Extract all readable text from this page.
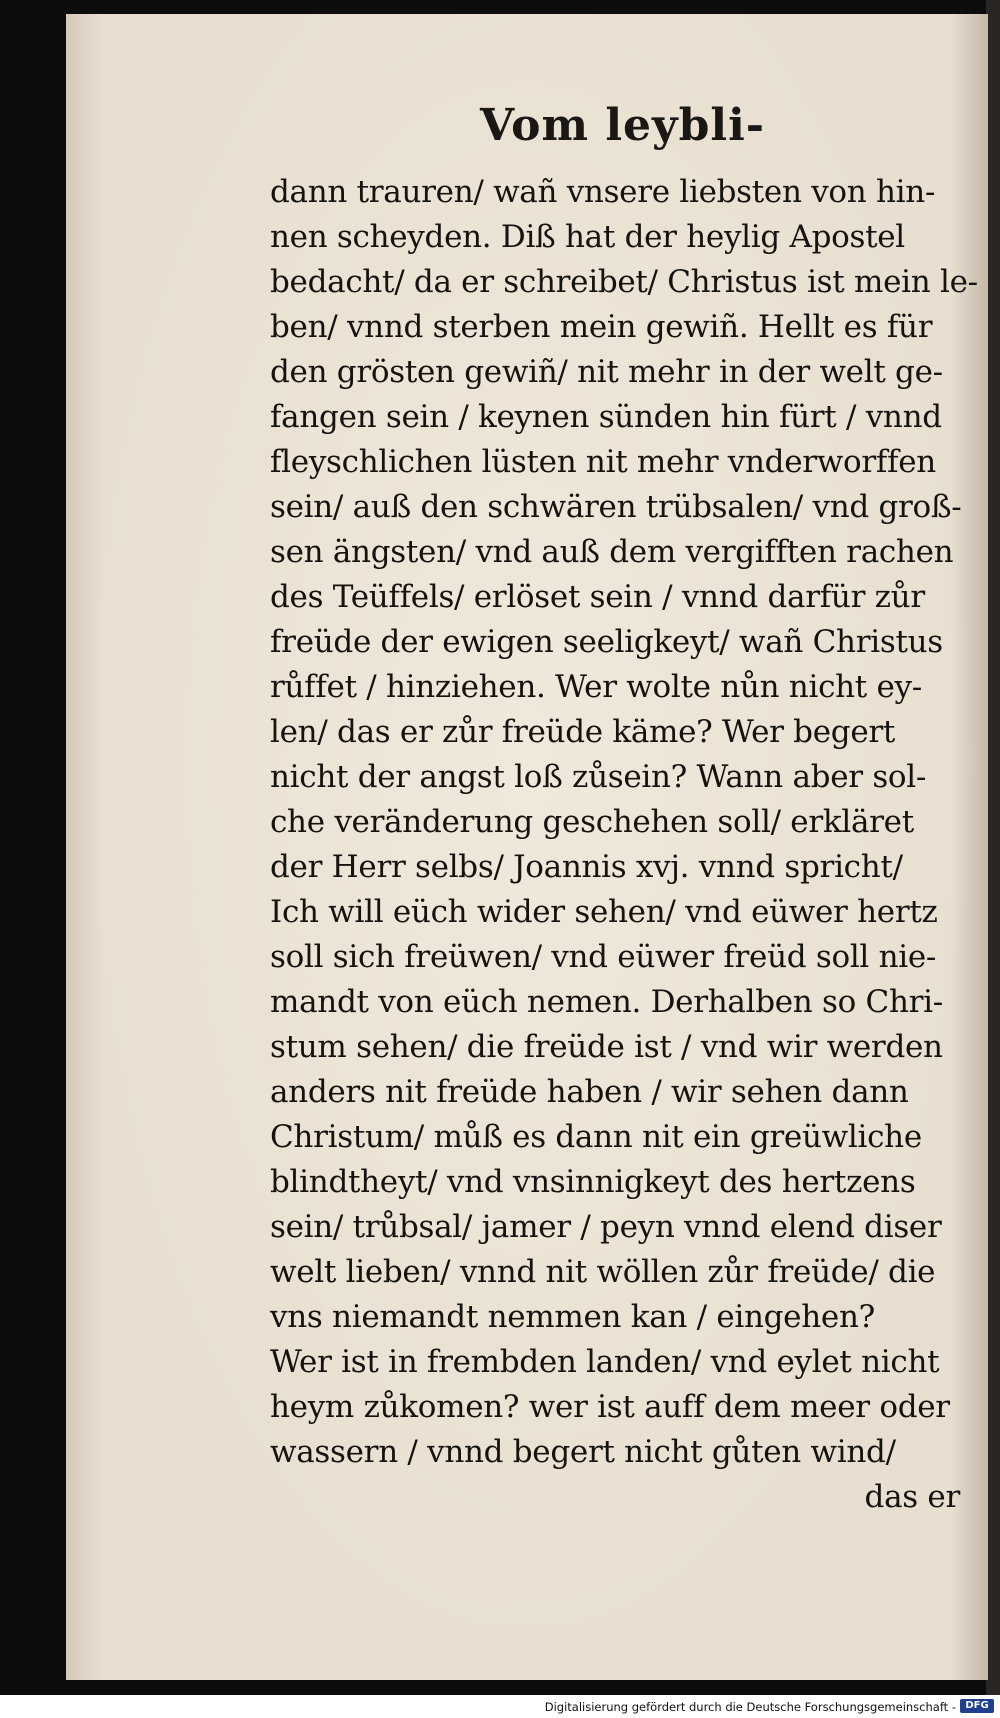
Vom leybli-
dann trauren/ wañ vnsere liebsten von hin-
nen scheyden. Diß hat der heylig Apostel
bedacht/ da er schreibet/ Christus ist mein le-
ben/ vnnd sterben mein gewiñ. Hellt es für
den grösten gewiñ/ nit mehr in der welt ge-
fangen sein / keynen sünden hin fürt / vnnd
fleyschlichen lüsten nit mehr vnderworffen
sein/ auß den schwären trübsalen/ vnd groß-
sen ängsten/ vnd auß dem vergifften rachen
des Teüffels/ erlöset sein / vnnd darfür zůr
freüde der ewigen seeligkeyt/ wañ Christus
růffet / hinziehen. Wer wolte nůn nicht ey-
len/ das er zůr freüde käme? Wer begert
nicht der angst loß zůsein? Wann aber sol-
che veränderung geschehen soll/ erkläret
der Herr selbs/ Joannis xvj. vnnd spricht/
Ich will eüch wider sehen/ vnd eüwer hertz
soll sich freüwen/ vnd eüwer freüd soll nie-
mandt von eüch nemen. Derhalben so Chri-
stum sehen/ die freüde ist / vnd wir werden
anders nit freüde haben / wir sehen dann
Christum/ můß es dann nit ein greüwliche
blindtheyt/ vnd vnsinnigkeyt des hertzens
sein/ trůbsal/ jamer / peyn vnnd elend diser
welt lieben/ vnnd nit wöllen zůr freüde/ die
vns niemandt nemmen kan / eingehen?
Wer ist in frembden landen/ vnd eylet nicht
heym zůkomen? wer ist auff dem meer oder
wassern / vnnd begert nicht gůten wind/
das er
Digitalisierung gefördert durch die Deutsche Forschungsgemeinschaft - DFG
